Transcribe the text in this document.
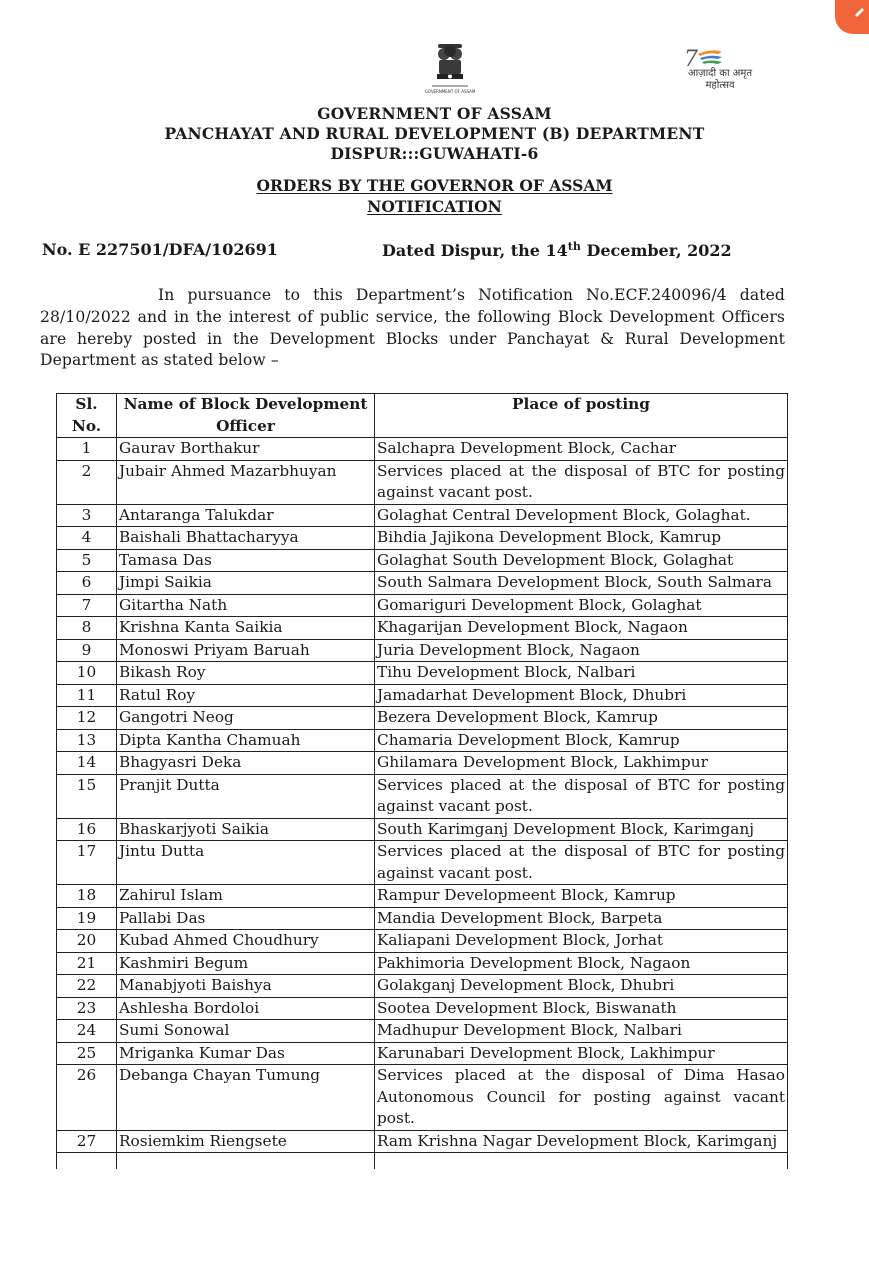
GOVERNMENT OF ASSAM
7
आज़ादी का अमृत महोत्सव
GOVERNMENT OF ASSAM
PANCHAYAT AND RURAL DEVELOPMENT (B) DEPARTMENT
DISPUR:::GUWAHATI-6
ORDERS BY THE GOVERNOR OF ASSAM
NOTIFICATION
No. E 227501/DFA/102691	Dated Dispur, the 14th December, 2022
In pursuance to this Department’s Notification No.ECF.240096/4 dated 28/10/2022 and in the interest of public service, the following Block Development Officers are hereby posted in the Development Blocks under Panchayat & Rural Development Department as stated below –
Sl. No.	Name of Block Development Officer	Place of posting
1	Gaurav Borthakur	Salchapra Development Block, Cachar
2	Jubair Ahmed Mazarbhuyan	Services placed at the disposal of BTC for posting against vacant post.
3	Antaranga Talukdar	Golaghat Central Development Block, Golaghat.
4	Baishali Bhattacharyya	Bihdia Jajikona Development Block, Kamrup
5	Tamasa Das	Golaghat South Development Block, Golaghat
6	Jimpi Saikia	South Salmara Development Block, South Salmara
7	Gitartha Nath	Gomariguri Development Block, Golaghat
8	Krishna Kanta Saikia	Khagarijan Development Block, Nagaon
9	Monoswi Priyam Baruah	Juria Development Block, Nagaon
10	Bikash Roy	Tihu Development Block, Nalbari
11	Ratul Roy	Jamadarhat Development Block, Dhubri
12	Gangotri Neog	Bezera Development Block, Kamrup
13	Dipta Kantha Chamuah	Chamaria Development Block, Kamrup
14	Bhagyasri Deka	Ghilamara Development Block, Lakhimpur
15	Pranjit Dutta	Services placed at the disposal of BTC for posting against vacant post.
16	Bhaskarjyoti Saikia	South Karimganj Development Block, Karimganj
17	Jintu Dutta	Services placed at the disposal of BTC for posting against vacant post.
18	Zahirul Islam	Rampur Developmeent Block, Kamrup
19	Pallabi Das	Mandia Development Block, Barpeta
20	Kubad Ahmed Choudhury	Kaliapani Development Block, Jorhat
21	Kashmiri Begum	Pakhimoria Development Block, Nagaon
22	Manabjyoti Baishya	Golakganj Development Block, Dhubri
23	Ashlesha Bordoloi	Sootea Development Block, Biswanath
24	Sumi Sonowal	Madhupur Development Block, Nalbari
25	Mriganka Kumar Das	Karunabari Development Block, Lakhimpur
26	Debanga Chayan Tumung	Services placed at the disposal of Dima Hasao Autonomous Council for posting against vacant post.
27	Rosiemkim Riengsete	Ram Krishna Nagar Development Block, Karimganj
